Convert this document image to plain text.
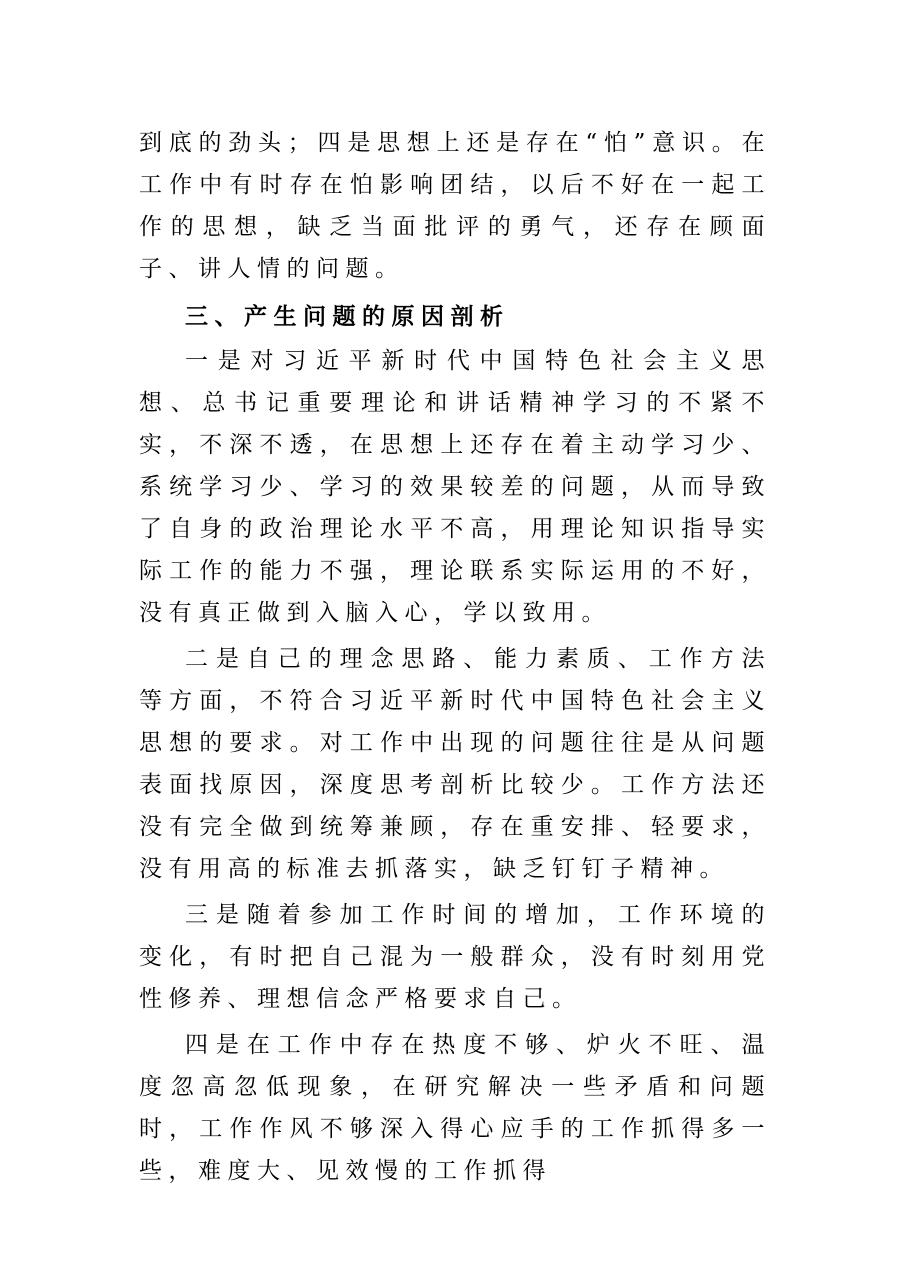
到底的劲头；四是思想上还是存在“怕”意识。在工作中有时存在怕影响团结，以后不好在一起工作的思想，缺乏当面批评的勇气，还存在顾面子、讲人情的问题。

三、产生问题的原因剖析

一是对习近平新时代中国特色社会主义思想、总书记重要理论和讲话精神学习的不紧不实，不深不透，在思想上还存在着主动学习少、系统学习少、学习的效果较差的问题，从而导致了自身的政治理论水平不高，用理论知识指导实际工作的能力不强，理论联系实际运用的不好，没有真正做到入脑入心，学以致用。

二是自己的理念思路、能力素质、工作方法等方面，不符合习近平新时代中国特色社会主义思想的要求。对工作中出现的问题往往是从问题表面找原因，深度思考剖析比较少。工作方法还没有完全做到统筹兼顾，存在重安排、轻要求，没有用高的标准去抓落实，缺乏钉钉子精神。

三是随着参加工作时间的增加，工作环境的变化，有时把自己混为一般群众，没有时刻用党性修养、理想信念严格要求自己。

四是在工作中存在热度不够、炉火不旺、温度忽高忽低现象，在研究解决一些矛盾和问题时，工作作风不够深入得心应手的工作抓得多一些，难度大、见效慢的工作抓得
